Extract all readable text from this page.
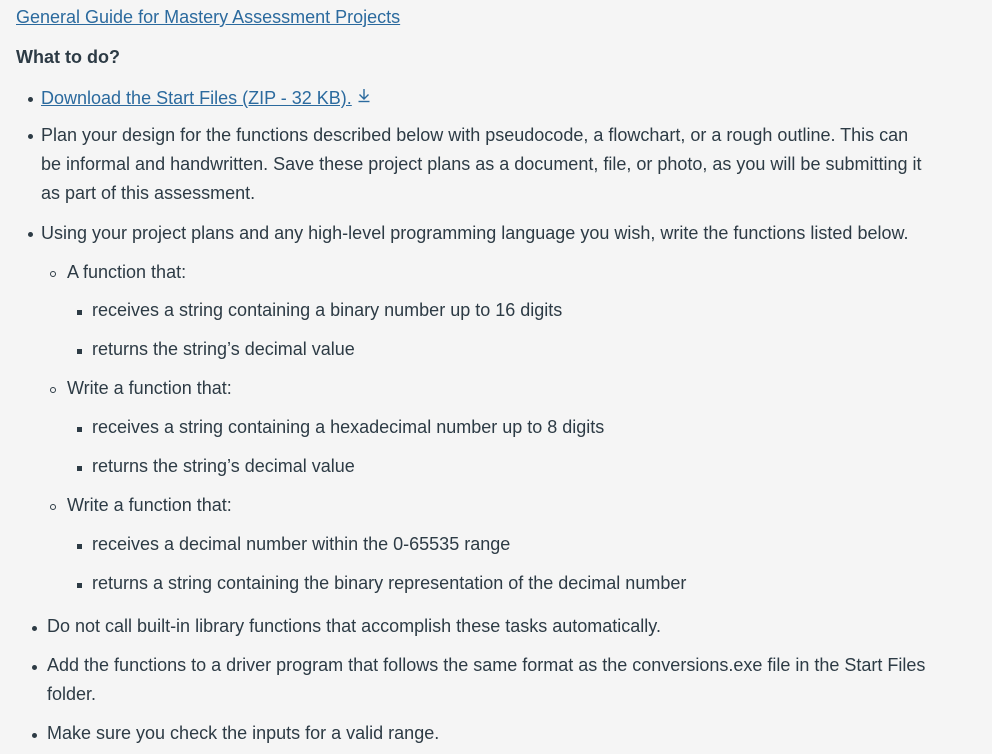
General Guide for Mastery Assessment Projects
What to do?
Download the Start Files (ZIP - 32 KB).
Plan your design for the functions described below with pseudocode, a flowchart, or a rough outline. This can
be informal and handwritten. Save these project plans as a document, file, or photo, as you will be submitting it
as part of this assessment.
Using your project plans and any high-level programming language you wish, write the functions listed below.
A function that:
receives a string containing a binary number up to 16 digits
returns the string’s decimal value
Write a function that:
receives a string containing a hexadecimal number up to 8 digits
returns the string’s decimal value
Write a function that:
receives a decimal number within the 0-65535 range
returns a string containing the binary representation of the decimal number
Do not call built-in library functions that accomplish these tasks automatically.
Add the functions to a driver program that follows the same format as the conversions.exe file in the Start Files
folder.
Make sure you check the inputs for a valid range.
